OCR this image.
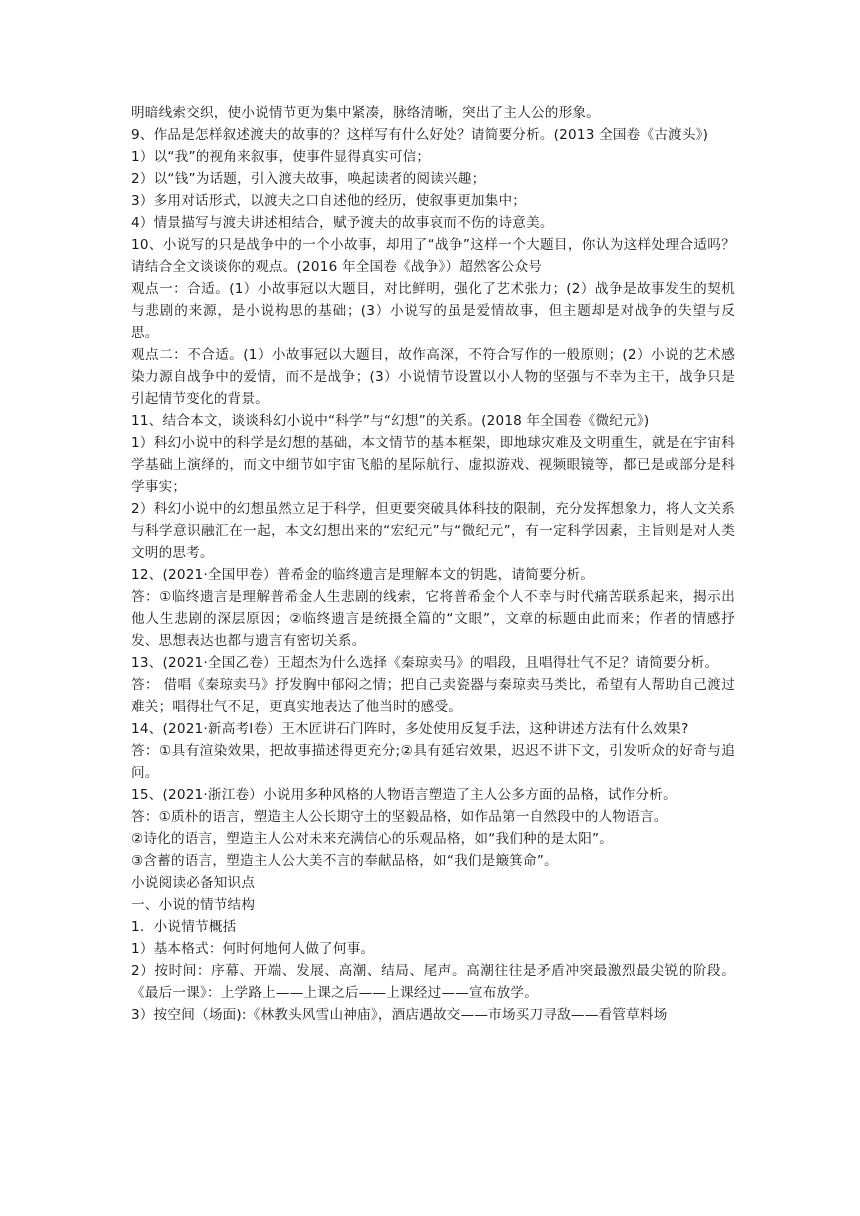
明暗线索交织，使小说情节更为集中紧凑，脉络清晰，突出了主人公的形象。
9、作品是怎样叙述渡夫的故事的？这样写有什么好处？请简要分析。(2013 全国卷《古渡头》)
1）以“我”的视角来叙事，使事件显得真实可信；
2）以“钱”为话题，引入渡夫故事，唤起读者的阅读兴趣；
3）多用对话形式，以渡夫之口自述他的经历，使叙事更加集中；
4）情景描写与渡夫讲述相结合，赋予渡夫的故事哀而不伤的诗意美。
10、小说写的只是战争中的一个小故事，却用了“战争”这样一个大题目，你认为这样处理合适吗？请结合全文谈谈你的观点。(2016 年全国卷《战争》）超然客公众号
观点一：合适。(1）小故事冠以大题目，对比鲜明，强化了艺术张力；(2）战争是故事发生的契机与悲剧的来源，是小说构思的基础；(3）小说写的虽是爱情故事，但主题却是对战争的失望与反思。
观点二：不合适。(1）小故事冠以大题目，故作高深，不符合写作的一般原则；(2）小说的艺术感染力源自战争中的爱情，而不是战争；(3）小说情节设置以小人物的坚强与不幸为主干，战争只是引起情节变化的背景。
11、结合本文，谈谈科幻小说中“科学”与“幻想”的关系。(2018 年全国卷《微纪元》)
1）科幻小说中的科学是幻想的基础，本文情节的基本框架，即地球灾难及文明重生，就是在宇宙科学基础上演绎的，而文中细节如宇宙飞船的星际航行、虚拟游戏、视频眼镜等，都已是或部分是科学事实；
2）科幻小说中的幻想虽然立足于科学，但更要突破具体科技的限制，充分发挥想象力，将人文关系与科学意识融汇在一起，本文幻想出来的“宏纪元”与“微纪元”，有一定科学因素，主旨则是对人类文明的思考。
12、(2021·全国甲卷）普希金的临终遗言是理解本文的钥匙，请简要分析。
答：①临终遗言是理解普希金人生悲剧的线索，它将普希金个人不幸与时代痛苦联系起来，揭示出他人生悲剧的深层原因；②临终遗言是统摄全篇的“文眼”，文章的标题由此而来；作者的情感抒发、思想表达也都与遗言有密切关系。
13、(2021·全国乙卷）王超杰为什么选择《秦琼卖马》的唱段，且唱得壮气不足？请简要分析。
答： 借唱《秦琼卖马》抒发胸中郁闷之情；把自己卖瓷器与秦琼卖马类比，希望有人帮助自己渡过难关；唱得壮气不足，更真实地表达了他当时的感受。
14、(2021·新高考Ⅰ卷）王木匠讲石门阵时，多处使用反复手法，这种讲述方法有什么效果?
答：①具有渲染效果，把故事描述得更充分;②具有延宕效果，迟迟不讲下文，引发听众的好奇与追问。
15、(2021·浙江卷）小说用多种风格的人物语言塑造了主人公多方面的品格，试作分析。
答：①质朴的语言，塑造主人公长期守土的坚毅品格，如作品第一自然段中的人物语言。
②诗化的语言，塑造主人公对未来充满信心的乐观品格，如“我们种的是太阳”。
③含蓄的语言，塑造主人公大美不言的奉献品格，如“我们是簸箕命”。
小说阅读必备知识点
一、小说的情节结构
1．小说情节概括
1）基本格式：何时何地何人做了何事。
2）按时间：序幕、开端、发展、高潮、结局、尾声。高潮往往是矛盾冲突最激烈最尖锐的阶段。《最后一课》：上学路上——上课之后——上课经过——宣布放学。
3）按空间（场面):《林教头风雪山神庙》，酒店遇故交——市场买刀寻敌——看管草料场
